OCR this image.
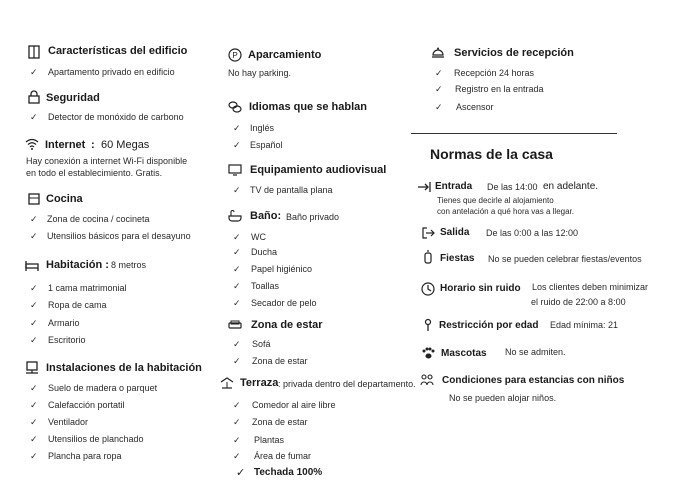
Características del edificio
✓ Apartamento privado en edificio
Seguridad
✓ Detector de monóxido de carbono
Internet : 60 Megas
Hay conexión a internet Wi-Fi disponible
en todo el establecimiento. Gratis.
Cocina
✓ Zona de cocina / cocineta
✓ Utensilios básicos para el desayuno
Habitación : 8 metros
✓ 1 cama matrimonial
✓ Ropa de cama
✓ Armario
✓ Escritorio
Instalaciones de la habitación
✓ Suelo de madera o parquet
✓ Calefacción portatil
✓ Ventilador
✓ Utensilios de planchado
✓ Plancha para ropa
P Aparcamiento
No hay parking.
Idiomas que se hablan
✓ Inglés
✓ Español
Equipamiento audiovisual
✓ TV de pantalla plana
Baño: Baño privado
✓ WC
✓ Ducha
✓ Papel higiénico
✓ Toallas
✓ Secador de pelo
Zona de estar
✓ Sofá
✓ Zona de estar
Terraza : privada dentro del departamento.
✓ Comedor al aire libre
✓ Zona de estar
✓ Plantas
✓ Área de fumar
✓ Techada 100%
Servicios de recepción
✓ Recepción 24 horas
✓ Registro en la entrada
✓ Ascensor
Normas de la casa
Entrada De las 14:00 en adelante.
Tienes que decirle al alojamiento
con antelación a qué hora vas a llegar.
Salida De las 0:00 a las 12:00
Fiestas No se pueden celebrar fiestas/eventos
Horario sin ruido Los clientes deben minimizar
el ruido de 22:00 a 8:00
Restricción por edad Edad mínima: 21
Mascotas No se admiten.
Condiciones para estancias con niños
No se pueden alojar niños.
